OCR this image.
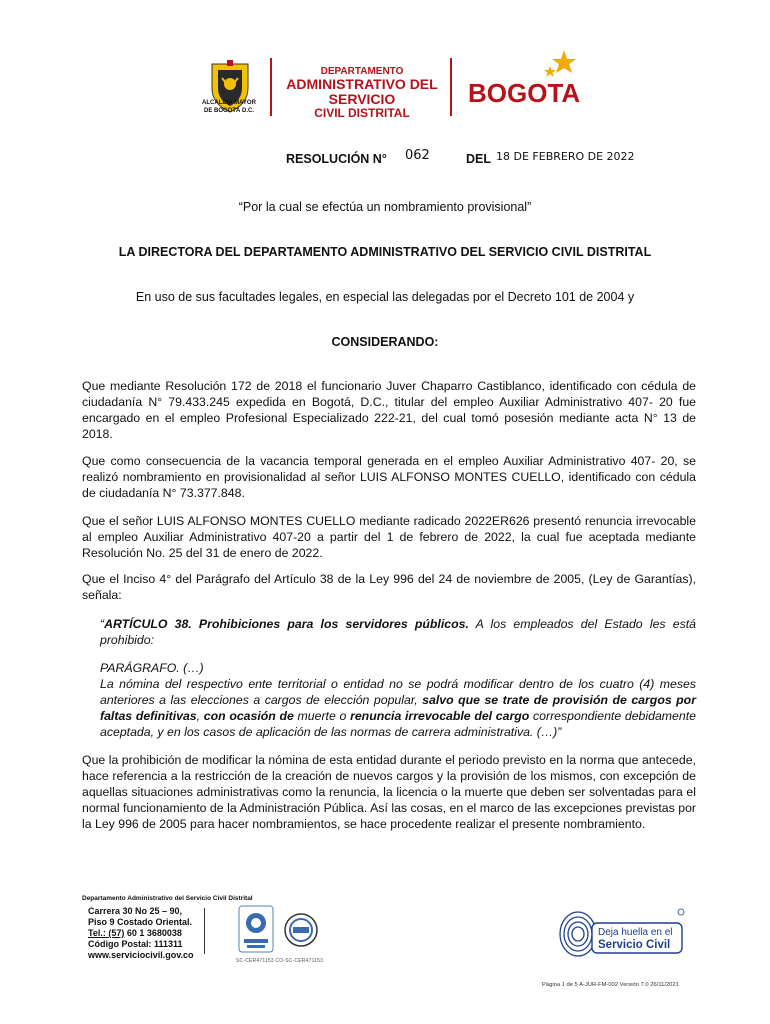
ALCALDIA MAYOR
DE BOGOTÁ D.C.
DEPARTAMENTO
ADMINISTRATIVO DEL SERVICIO
CIVIL DISTRITAL
BOGOTA
RESOLUCIÓN N° 062	DEL 18 DE FEBRERO DE 2022
“Por la cual se efectúa un nombramiento provisional”
LA DIRECTORA DEL DEPARTAMENTO ADMINISTRATIVO DEL SERVICIO CIVIL DISTRITAL
En uso de sus facultades legales, en especial las delegadas por el Decreto 101 de 2004 y
CONSIDERANDO:

Que mediante Resolución 172 de 2018 el funcionario Juver Chaparro Castiblanco, identificado con cédula de ciudadanía N° 79.433.245 expedida en Bogotá, D.C., titular del empleo Auxiliar Administrativo 407- 20 fue encargado en el empleo Profesional Especializado 222-21, del cual tomó posesión mediante acta N° 13 de 2018.

Que como consecuencia de la vacancia temporal generada en el empleo Auxiliar Administrativo 407- 20, se realizó nombramiento en provisionalidad al señor LUIS ALFONSO MONTES CUELLO, identificado con cédula de ciudadanía N° 73.377.848.

Que el señor LUIS ALFONSO MONTES CUELLO mediante radicado 2022ER626 presentó renuncia irrevocable al empleo Auxiliar Administrativo 407-20 a partir del 1 de febrero de 2022, la cual fue aceptada mediante Resolución No. 25 del 31 de enero de 2022.

Que el Inciso 4° del Parágrafo del Artículo 38 de la Ley 996 del 24 de noviembre de 2005, (Ley de Garantías), señala:

“ARTÍCULO 38. Prohibiciones para los servidores públicos. A los empleados del Estado les está prohibido:
PARÁGRAFO. (…)
La nómina del respectivo ente territorial o entidad no se podrá modificar dentro de los cuatro (4) meses anteriores a las elecciones a cargos de elección popular, salvo que se trate de provisión de cargos por faltas definitivas, con ocasión de muerte o renuncia irrevocable del cargo correspondiente debidamente aceptada, y en los casos de aplicación de las normas de carrera administrativa. (…)”

Que la prohibición de modificar la nómina de esta entidad durante el periodo previsto en la norma que antecede, hace referencia a la restricción de la creación de nuevos cargos y la provisión de los mismos, con excepción de aquellas situaciones administrativas como la renuncia, la licencia o la muerte que deben ser solventadas para el normal funcionamiento de la Administración Pública. Así las cosas, en el marco de las excepciones previstas por la Ley 996 de 2005 para hacer nombramientos, se hace procedente realizar el presente nombramiento.

Departamento Administrativo del Servicio Civil Distrital
Carrera 30 No 25 – 90,
Piso 9 Costado Oriental.
Tel.: (57) 60 1 3680038
Código Postal: 111311
www.serviciocivil.gov.co
SC-CER471153 CO-SC-CER471153
Deja huella en el
Servicio Civil
Página 1 de 5 A-JUR-FM-002 Versión 7.0 26/11/2021
